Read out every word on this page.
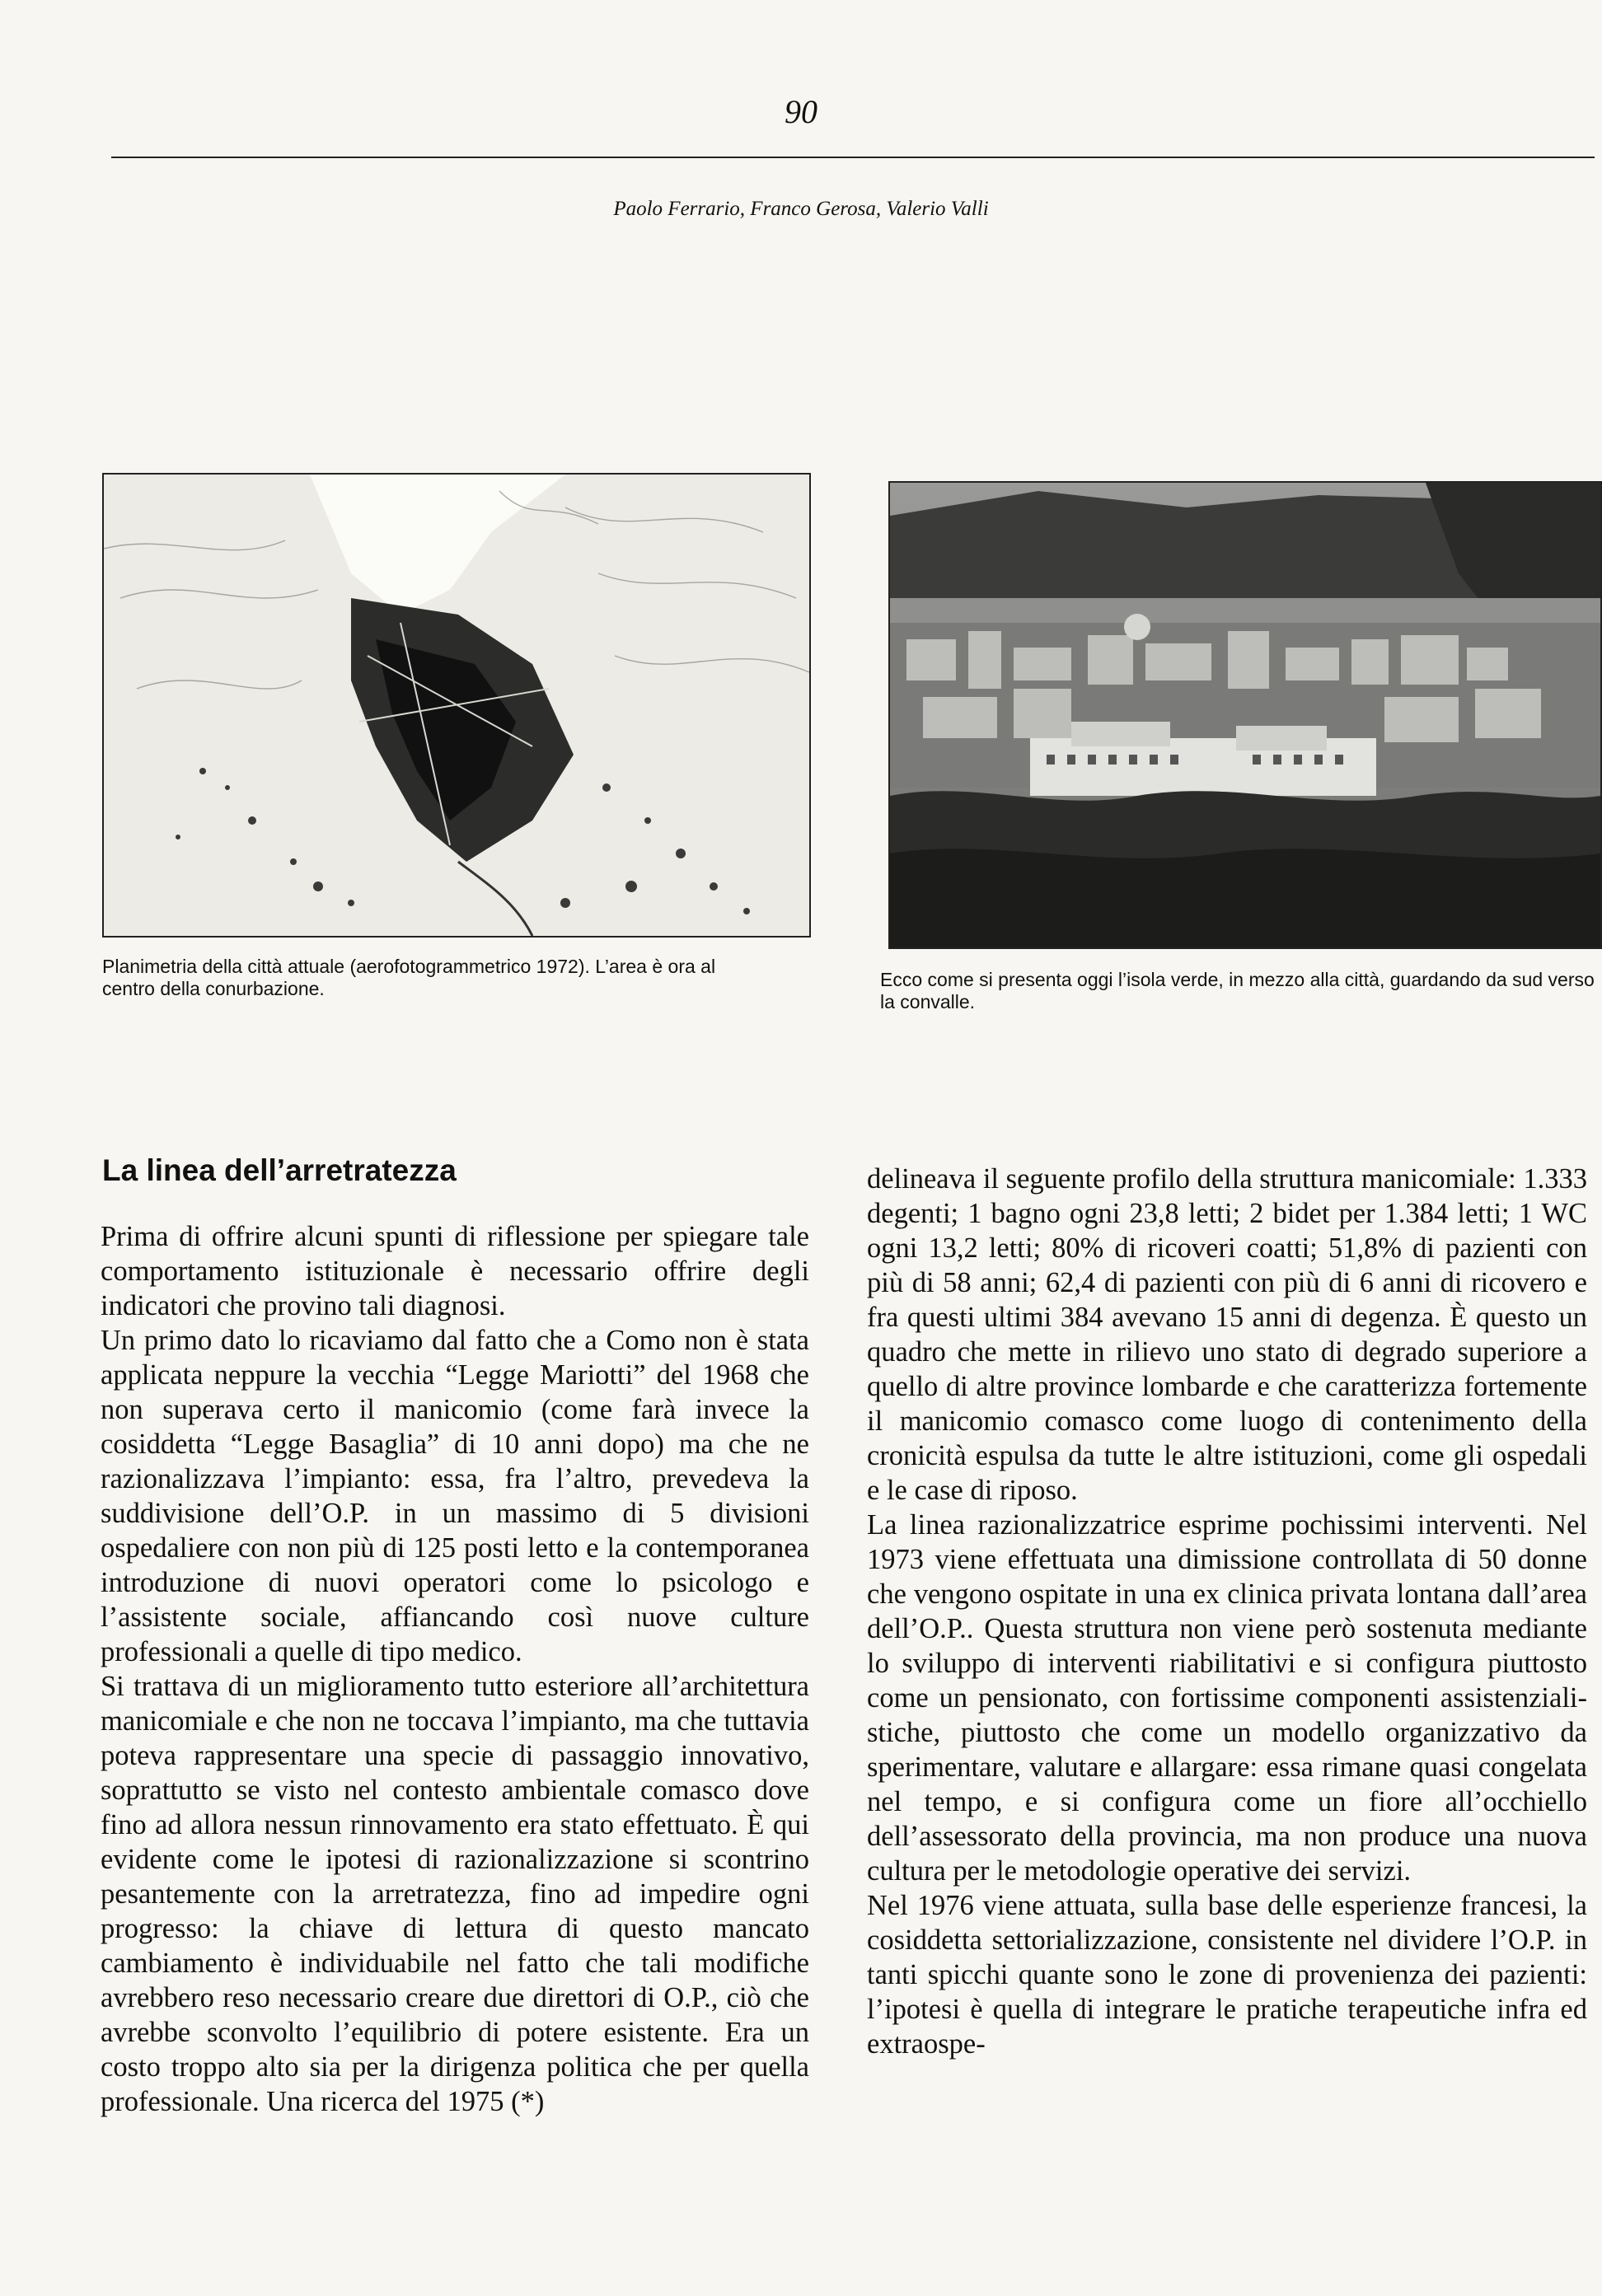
90
Paolo Ferrario, Franco Gerosa, Valerio Valli
Planimetria della città attuale (aerofotogrammetrico 1972). L’area è ora al centro della conurbazione.	Ecco come si presenta oggi l’isola verde, in mezzo alla città, guardando da sud verso la convalle.
La linea dell’arretratezza

Prima di offrire alcuni spunti di riflessione per spiegare tale comportamento istituzionale è necessario offrire degli indicatori che provino tali diagnosi.

Un primo dato lo ricaviamo dal fatto che a Como non è stata applicata neppure la vecchia “Legge Mariotti” del 1968 che non superava certo il manicomio (come farà invece la cosiddetta “Legge Basaglia” di 10 anni dopo) ma che ne razionalizzava l’impianto: essa, fra l’altro, prevedeva la suddivisione dell’O.P. in un massimo di 5 divisioni ospedaliere con non più di 125 posti letto e la contemporanea introduzione di nuovi operatori come lo psicologo e l’assistente sociale, affiancando così nuove culture professionali a quelle di tipo medico.

Si trattava di un miglioramento tutto esteriore all’architettura manicomiale e che non ne toccava l’impianto, ma che tuttavia poteva rappresentare una specie di passaggio innovativo, soprattutto se visto nel contesto ambientale comasco dove fino ad allora nessun rinnovamento era stato effettuato. È qui evidente come le ipotesi di razionalizzazione si scontrino pesantemente con la arretratezza, fino ad impedire ogni progresso: la chiave di lettura di questo mancato cambiamento è individuabile nel fatto che tali modifiche avrebbero reso necessario creare due direttori di O.P., ciò che avrebbe sconvolto l’equilibrio di potere esistente. Era un costo troppo alto sia per la dirigenza politica che per quella professionale. Una ricerca del 1975 (*)

delineava il seguente profilo della struttura manicomiale: 1.333 degenti; 1 bagno ogni 23,8 letti; 2 bidet per 1.384 letti; 1 WC ogni 13,2 letti; 80% di ricoveri coatti; 51,8% di pazienti con più di 58 anni; 62,4 di pazienti con più di 6 anni di ricovero e fra questi ultimi 384 avevano 15 anni di degenza. È questo un quadro che mette in rilievo uno stato di degrado superiore a quello di altre province lombarde e che caratterizza fortemente il manicomio comasco come luogo di contenimento della cronicità espulsa da tutte le altre istituzioni, come gli ospedali e le case di riposo.

La linea razionalizzatrice esprime pochissimi interventi. Nel 1973 viene effettuata una dimissione controllata di 50 donne che vengono ospitate in una ex clinica privata lontana dall’area dell’O.P.. Questa struttura non viene però sostenuta mediante lo sviluppo di interventi riabilitativi e si configura piuttosto come un pensionato, con fortissime componenti assistenzialistiche, piuttosto che come un modello organizzativo da sperimentare, valutare e allargare: essa rimane quasi congelata nel tempo, e si configura come un fiore all’occhiello dell’assessorato della provincia, ma non produce una nuova cultura per le metodologie operative dei servizi.

Nel 1976 viene attuata, sulla base delle esperienze francesi, la cosiddetta settorializzazione, consistente nel dividere l’O.P. in tanti spicchi quante sono le zone di provenienza dei pazienti: l’ipotesi è quella di integrare le pratiche terapeutiche infra ed extraospe-
